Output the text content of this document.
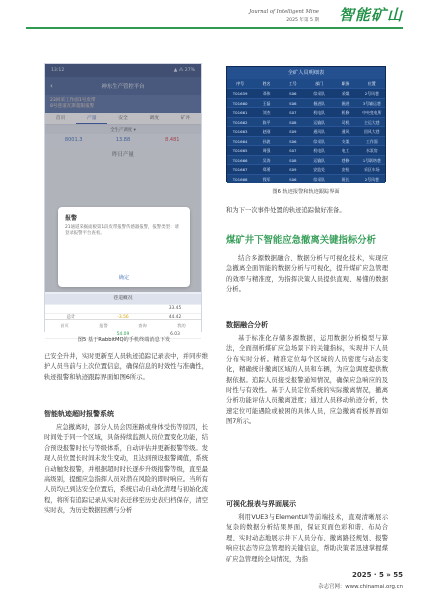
Journal of Intelligent Mine
2025 年第 5 期 智能矿山
13:12	▲ ⁂ 27%
‹	神东生产管控平台
23回采工作面1号皮带
8号巷道瓦斯超限报警
首页	产量	安全	调度	矿井
全生产调度 ▾
8001.3	13.88	8.481
昨日产量
报警
21通道采掘面板第1段皮带报警传感器报警，报警类型：请登录报警平台查看。
确定
巷道概况
33.45
总计	-3.56	44.42
54.09	6.03
首页	报警	查询	我的
图5 基于RabbitMQ的手机终端消息下发
已安全升井，实时更新至人员轨迹追踪记录表中，并同步维护人员当前与上次位置信息，确保信息的时效性与准确性，轨迹报警和轨迹跟踪界面如图6所示。
智能轨迹超时报警系统
应急撤离时，部分人员会因迷路或身体受伤等原因，长时间处于同一个区域，具备持续监测人员位置变化功能，结合预设报警时长与等级体系，自动评估并更新报警等级。发现人员位置长时间未发生变动，且达到预设报警阈值，系统自动触发报警，并根据超时时长逐步升级报警等级，直至最高级别，提醒应急指挥人员对潜在风险的即时响应。当所有人员均已到达安全位置后，系统启动自动化清理与初始化流程，将所有追踪记录从实时表迁移至历史表归档保存，清空实时表，为历史数据回溯与分析
全矿人员明细表
序号	姓名	工号	部门	职务	位置
T01659	邓伟	S06	综采队	采煤	2号风巷
T01660	王磊	S06	掘进队	掘进	3号辅运巷
T01661	刘杰	S07	机电队	机修	中央变电所
T01662	陈平	S08	运输队	司机	主运大巷
T01663	赵刚	S09	通风队	通风	回风大巷
T01664	孙波	S06	综采队	支架	工作面
T01665	周强	S07	机电队	电工	水泵房
T01666	吴涛	S08	运输队	巷修	1号联络巷
T01667	郑勇	S09	安监处	安检	采区车场
T01668	钱军	S06	综采队	班长	2号风巷
图6 轨迹报警和轨迹跟踪界面
和为下一次事件处置的轨迹追踪做好准备。
煤矿井下智能应急撤离关键指标分析
结合多源数据融合、数据分析与可视化技术，实现应急撤离全面智能的数据分析与可视化，提升煤矿应急管理的效率与精准度，为指挥决策人员提供直观、易懂的数据分析。
数据融合分析
基于标准化存储多源数据，运用数据分析模型与算法，全面剖析煤矿应急场景下的关键指标，实现井下人员分布实时分析。精准定位每个区域的人员密度与动态变化，精确统计撤离区域的人员和车辆，为应急调度提供数据依据。追踪人员接受报警通知情况，确保应急响应的及时性与有效性。基于人员定位系统的实际撤离情况，撤离分析功能评估人员撤离进度；通过人员移动轨迹分析，快速定位可能遇险或被困的具体人员，应急撤离看板界面如图7所示。
可视化报表与界面展示
利用VUE3与ElementUI等前端技术，直观清晰展示复杂的数据分析结果界面，保证页面色彩和谐、布局合理、实时动态地展示井下人员分布、撤离路径规划、报警响应状态等应急管理的关键信息，帮助决策者迅速掌握煤矿应急管理的全局情况，为指
2025 · 5 » 55
杂志官网：www.chinamai.org.cn
